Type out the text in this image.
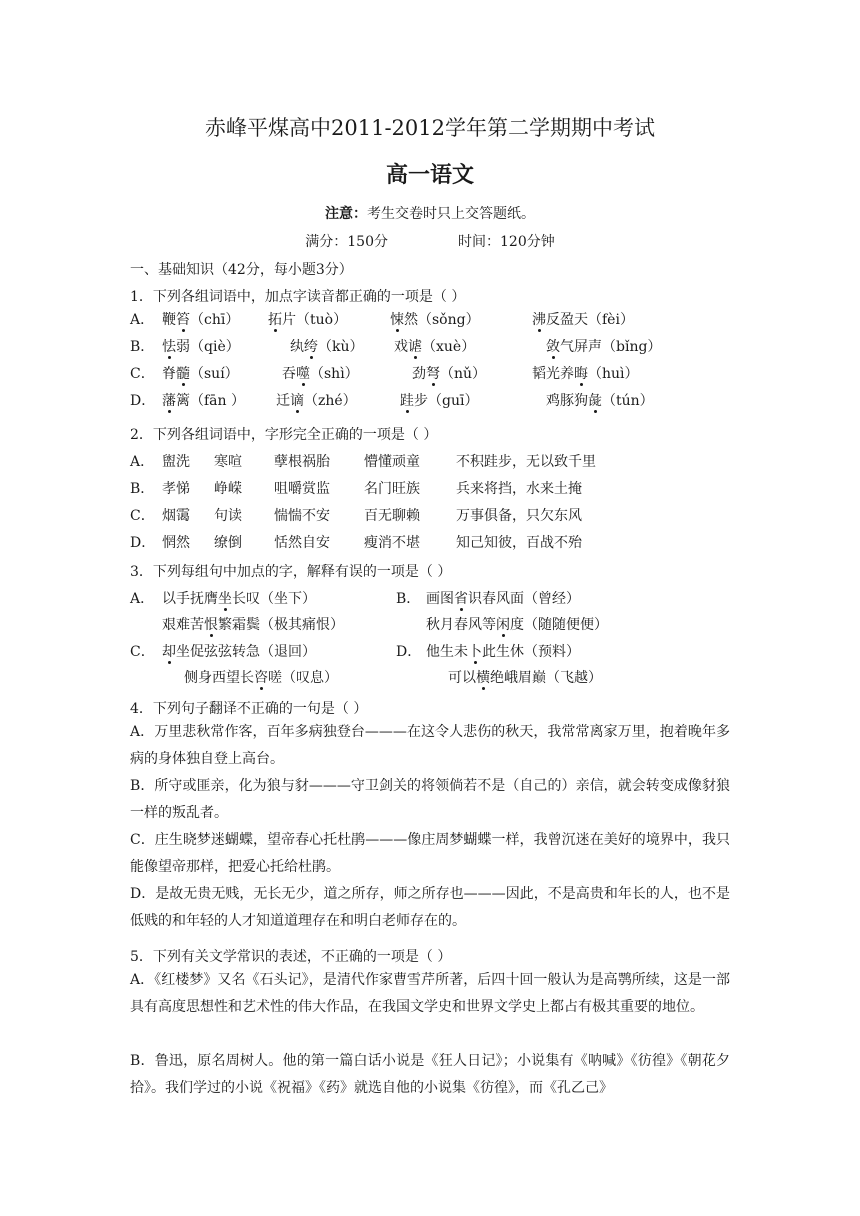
赤峰平煤高中2011-2012学年第二学期期中考试
高一语文
注意：考生交卷时只上交答题纸。
满分：150分	时间：120分钟
一、基础知识（42分，每小题3分）
1．下列各组词语中，加点字读音都正确的一项是（ ）
A． 鞭笞（chī） 拓片（tuò）	悚然（sǒng）	沸反盈天（fèi）
B． 怯弱（qiè）	纨绔（kù） 戏谑（xuè）	敛气屏声（bǐng）
C． 脊髓（suí）	吞噬（shì）	劲弩（nǔ）	韬光养晦（huì）
D． 藩篱（fān ） 迁谪（zhé）	跬步（guī）	鸡豚狗彘（tún）
2．下列各组词语中，字形完全正确的一项是（ ）
A． 盥洗 寒喧 孽根祸胎 懵懂顽童	不积跬步，无以致千里
B． 孝悌 峥嵘 咀嚼赏监 名门旺族	兵来将挡，水来土掩
C． 烟霭 句读 惴惴不安 百无聊赖	万事俱备，只欠东风
D． 惘然 缭倒 恬然自安 瘦消不堪	知己知彼，百战不殆
3．下列每组句中加点的字，解释有误的一项是（ ）
A． 以手抚膺坐长叹（坐下）
艰难苦恨繁霜鬓（极其痛恨）
B． 画图省识春风面（曾经）
秋月春风等闲度（随随便便）
C． 却坐促弦弦转急（退回）
侧身西望长咨嗟（叹息）
D． 他生未卜此生休（预料）
可以横绝峨眉巅（飞越）
4．下列句子翻译不正确的一句是（ ）
A．万里悲秋常作客，百年多病独登台———在这令人悲伤的秋天，我常常离家万里，抱着晚年多病的身体独自登上高台。
B．所守或匪亲，化为狼与豺———守卫剑关的将领倘若不是（自己的）亲信，就会转变成像豺狼一样的叛乱者。
C．庄生晓梦迷蝴蝶，望帝春心托杜鹃———像庄周梦蝴蝶一样，我曾沉迷在美好的境界中，我只能像望帝那样，把爱心托给杜鹃。
D．是故无贵无贱，无长无少，道之所存，师之所存也———因此，不是高贵和年长的人，也不是低贱的和年轻的人才知道道理存在和明白老师存在的。
5．下列有关文学常识的表述，不正确的一项是（ ）
A．《红楼梦》又名《石头记》，是清代作家曹雪芹所著，后四十回一般认为是高鹗所续，这是一部具有高度思想性和艺术性的伟大作品，在我国文学史和世界文学史上都占有极其重要的地位。
B．鲁迅，原名周树人。他的第一篇白话小说是《狂人日记》；小说集有《呐喊》《彷徨》《朝花夕拾》。我们学过的小说《祝福》《药》就选自他的小说集《彷徨》，而《孔乙己》
